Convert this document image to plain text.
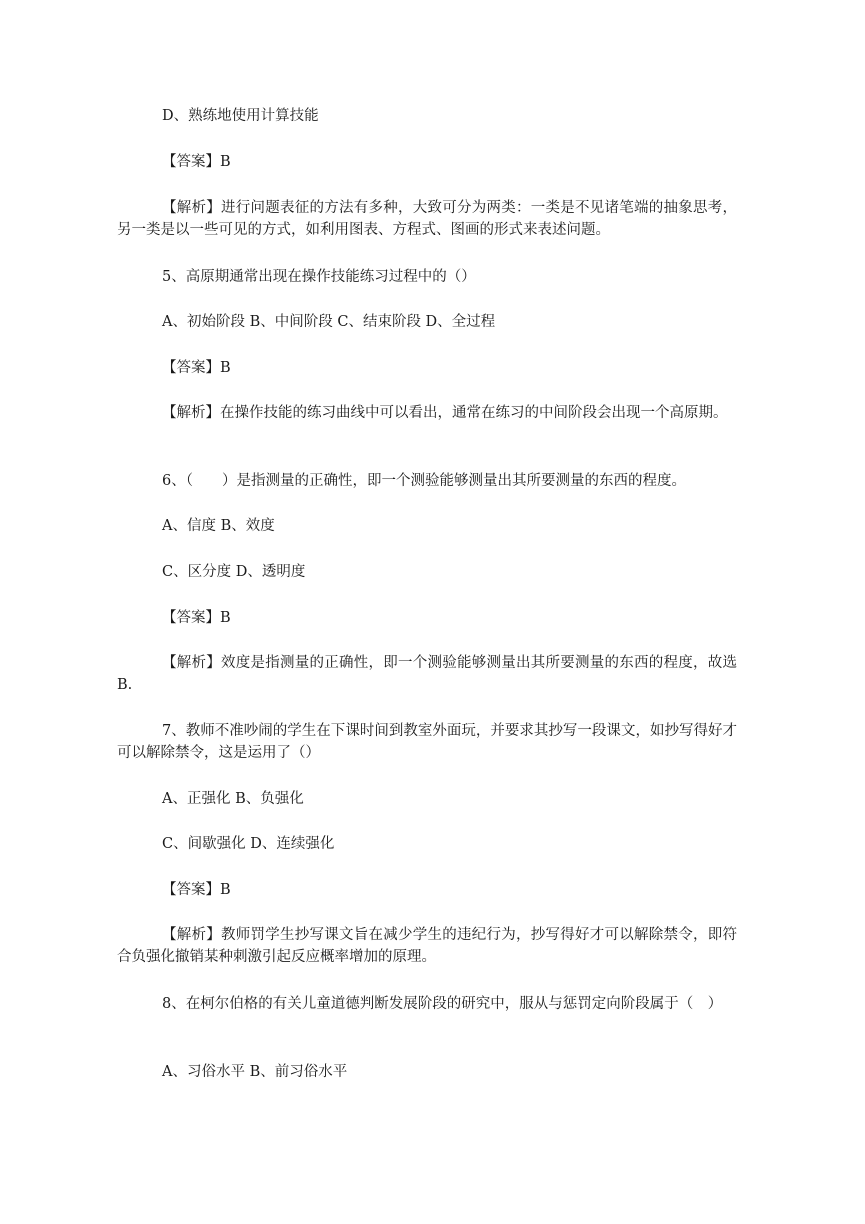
D、熟练地使用计算技能

【答案】B

【解析】进行问题表征的方法有多种，大致可分为两类：一类是不见诸笔端的抽象思考，另一类是以一些可见的方式，如利用图表、方程式、图画的形式来表述问题。

5、高原期通常出现在操作技能练习过程中的（）

A、初始阶段 B、中间阶段 C、结束阶段 D、全过程

【答案】B

【解析】在操作技能的练习曲线中可以看出，通常在练习的中间阶段会出现一个高原期。

6、（　　）是指测量的正确性，即一个测验能够测量出其所要测量的东西的程度。

A、信度 B、效度

C、区分度 D、透明度

【答案】B

【解析】效度是指测量的正确性，即一个测验能够测量出其所要测量的东西的程度，故选 B.

7、教师不准吵闹的学生在下课时间到教室外面玩，并要求其抄写一段课文，如抄写得好才可以解除禁令，这是运用了（）

A、正强化 B、负强化

C、间歇强化 D、连续强化

【答案】B

【解析】教师罚学生抄写课文旨在减少学生的违纪行为，抄写得好才可以解除禁令，即符合负强化撤销某种刺激引起反应概率增加的原理。

8、在柯尔伯格的有关儿童道德判断发展阶段的研究中，服从与惩罚定向阶段属于（　）

A、习俗水平 B、前习俗水平
